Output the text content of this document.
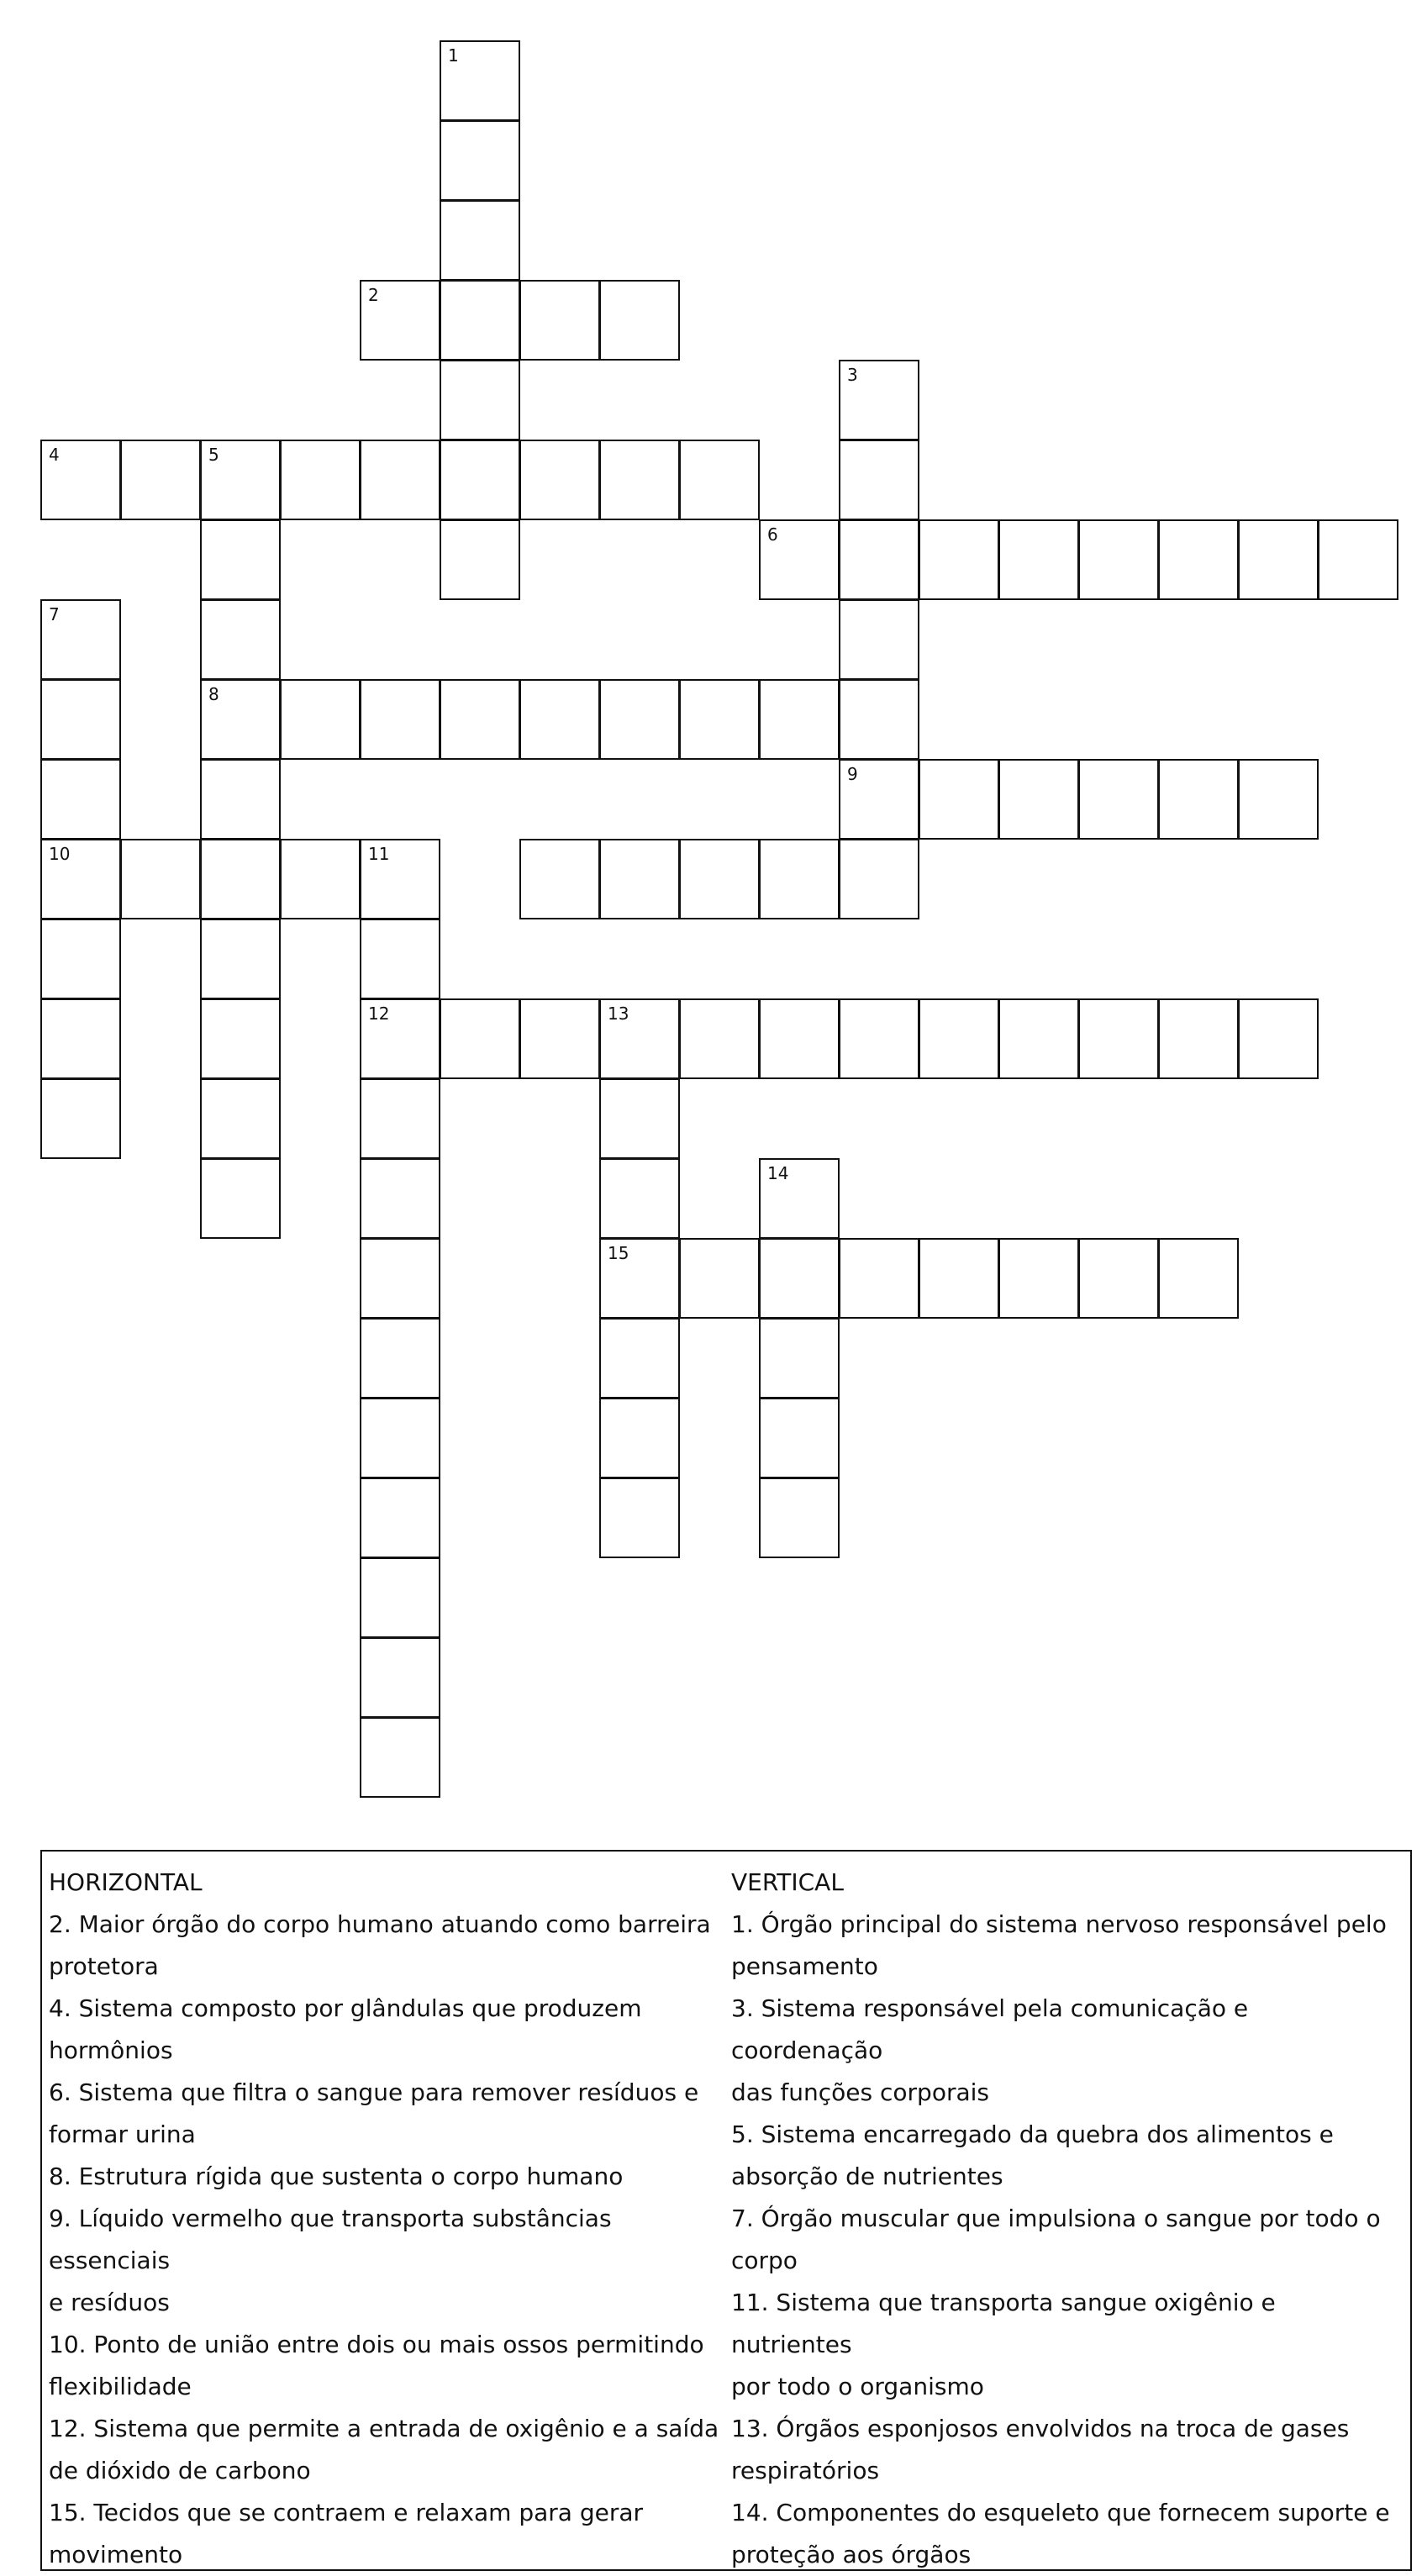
1
2
4	5
3
9
6
7
10
8
11
12	13
15
14

HORIZONTAL

2. Maior órgão do corpo humano atuando como barreira

protetora

4. Sistema composto por glândulas que produzem

hormônios

6. Sistema que filtra o sangue para remover resíduos e

formar urina

8. Estrutura rígida que sustenta o corpo humano

9. Líquido vermelho que transporta substâncias essenciais

e resíduos

10. Ponto de união entre dois ou mais ossos permitindo

flexibilidade

12. Sistema que permite a entrada de oxigênio e a saída

de dióxido de carbono

15. Tecidos que se contraem e relaxam para gerar

movimento

VERTICAL

1. Órgão principal do sistema nervoso responsável pelo

pensamento

3. Sistema responsável pela comunicação e coordenação

das funções corporais

5. Sistema encarregado da quebra dos alimentos e

absorção de nutrientes

7. Órgão muscular que impulsiona o sangue por todo o

corpo

11. Sistema que transporta sangue oxigênio e nutrientes

por todo o organismo

13. Órgãos esponjosos envolvidos na troca de gases

respiratórios

14. Componentes do esqueleto que fornecem suporte e

proteção aos órgãos
